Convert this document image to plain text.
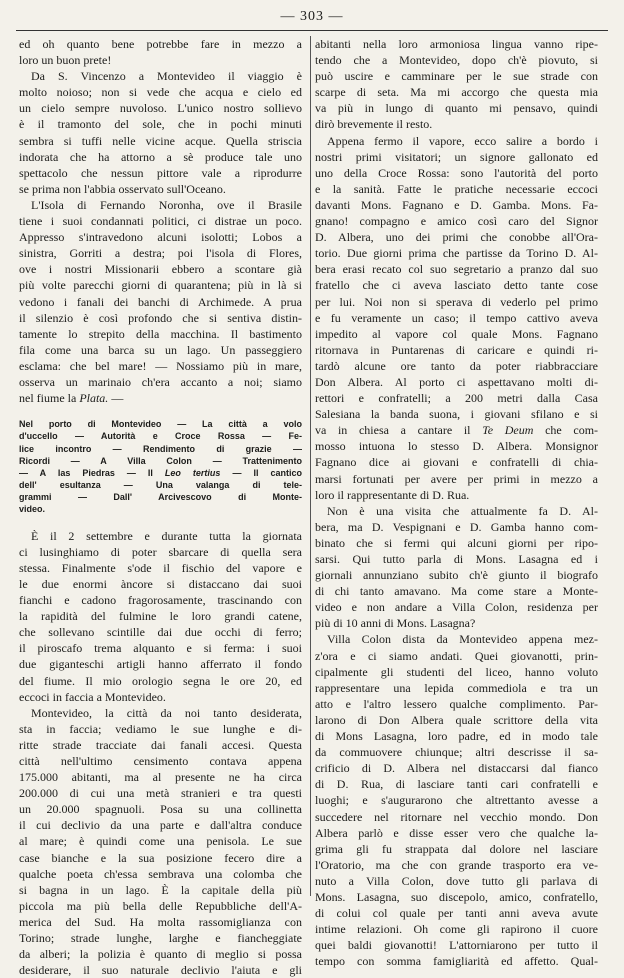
— 303 —
ed oh quanto bene potrebbe fare in mezzo a
loro un buon prete!
Da S. Vincenzo a Montevideo il viaggio è
molto noioso; non si vede che acqua e cielo ed
un cielo sempre nuvoloso. L'unico nostro sollievo
è il tramonto del sole, che in pochi minuti
sembra si tuffi nelle vicine acque. Quella striscia
indorata che ha attorno a sè produce tale uno
spettacolo che nessun pittore vale a riprodurre
se prima non l'abbia osservato sull'Oceano.
L'Isola di Fernando Noronha, ove il Brasile
tiene i suoi condannati politici, ci distrae un poco.
Appresso s'intravedono alcuni isolotti; Lobos a
sinistra, Gorriti a destra; poi l'isola di Flores,
ove i nostri Missionarii ebbero a scontare già
più volte parecchi giorni di quarantena; più in là si
vedono i fanali dei banchi di Archimede. A prua
il silenzio è così profondo che si sentiva distin-
tamente lo strepito della macchina. Il bastimento
fila come una barca su un lago. Un passeggiero
esclama: che bel mare! — Nossiamo più in mare,
osserva un marinaio ch'era accanto a noi; siamo
nel fiume la Plata. —
Nel porto di Montevideo — La città a volo
d'uccello — Autorità e Croce Rossa — Fe-
lice incontro — Rendimento di grazie —
Ricordi — A Villa Colon — Trattenimento
— A las Piedras — Il Leo tertius — Il cantico
dell' esultanza — Una valanga di tele-
grammi — Dall' Arcivescovo di Monte-
video.
È il 2 settembre e durante tutta la giornata
ci lusinghiamo di poter sbarcare di quella sera
stessa. Finalmente s'ode il fischio del vapore e
le due enormi àncore si distaccano dai suoi
fianchi e cadono fragorosamente, trascinando con
la rapidità del fulmine le loro grandi catene,
che sollevano scintille dai due occhi di ferro;
il piroscafo trema alquanto e si ferma: i suoi
due giganteschi artigli hanno afferrato il fondo
del fiume. Il mio orologio segna le ore 20, ed
eccoci in faccia a Montevideo.
Montevideo, la città da noi tanto desiderata,
sta in faccia; vediamo le sue lunghe e di-
ritte strade tracciate dai fanali accesi. Questa
città nell'ultimo censimento contava appena
175.000 abitanti, ma al presente ne ha circa
200.000 di cui una metà stranieri e tra questi
un 20.000 spagnuoli. Posa su una collinetta
il cui declivio da una parte e dall'altra conduce
al mare; è quindi come una penisola. Le sue
case bianche e la sua posizione fecero dire a
qualche poeta ch'essa sembrava una colomba che
si bagna in un lago. È la capitale della più
piccola ma più bella delle Repubbliche dell'A-
merica del Sud. Ha molta rassomiglianza con
Torino; strade lunghe, larghe e fiancheggiate
da alberi; la polizia è quanto di meglio si possa
desiderare, il suo naturale declivio l'aiuta e gli
abitanti nella loro armoniosa lingua vanno ripe-
tendo che a Montevideo, dopo ch'è piovuto, si
può uscire e camminare per le sue strade con
scarpe di seta. Ma mi accorgo che questa mia
va più in lungo di quanto mi pensavo, quindi
dirò brevemente il resto.
Appena fermo il vapore, ecco salire a bordo i
nostri primi visitatori; un signore gallonato ed
uno della Croce Rossa: sono l'autorità del porto
e la sanità. Fatte le pratiche necessarie eccoci
davanti Mons. Fagnano e D. Gamba. Mons. Fa-
gnano! compagno e amico così caro del Signor
D. Albera, uno dei primi che conobbe all'Ora-
torio. Due giorni prima che partisse da Torino D. Al-
bera erasi recato col suo segretario a pranzo dal suo
fratello che ci aveva lasciato detto tante cose
per lui. Noi non si sperava di vederlo pel primo
e fu veramente un caso; il tempo cattivo aveva
impedito al vapore col quale Mons. Fagnano
ritornava in Puntarenas di caricare e quindi ri-
tardò alcune ore tanto da poter riabbracciare
Don Albera. Al porto ci aspettavano molti di-
rettori e confratelli; a 200 metri dalla Casa
Salesiana la banda suona, i giovani sfilano e si
va in chiesa a cantare il Te Deum che com-
mosso intuona lo stesso D. Albera. Monsignor
Fagnano dice ai giovani e confratelli di chia-
marsi fortunati per avere per primi in mezzo a
loro il rappresentante di D. Rua.
Non è una visita che attualmente fa D. Al-
bera, ma D. Vespignani e D. Gamba hanno com-
binato che si fermi qui alcuni giorni per ripo-
sarsi. Qui tutto parla di Mons. Lasagna ed i
giornali annunziano subito ch'è giunto il biografo
di chi tanto amavano. Ma come stare a Monte-
video e non andare a Villa Colon, residenza per
più di 10 anni di Mons. Lasagna?
Villa Colon dista da Montevideo appena mez-
z'ora e ci siamo andati. Quei giovanotti, prin-
cipalmente gli studenti del liceo, hanno voluto
rappresentare una lepida commediola e tra un
atto e l'altro lessero qualche complimento. Par-
larono di Don Albera quale scrittore della vita
di Mons Lasagna, loro padre, ed in modo tale
da commuovere chiunque; altri descrisse il sa-
crificio di D. Albera nel distaccarsi dal fianco
di D. Rua, di lasciare tanti cari confratelli e
luoghi; e s'augurarono che altrettanto avesse a
succedere nel ritornare nel vecchio mondo. Don
Albera parlò e disse esser vero che qualche la-
grima gli fu strappata dal dolore nel lasciare
l'Oratorio, ma che con grande trasporto era ve-
nuto a Villa Colon, dove tutto gli parlava di
Mons. Lasagna, suo discepolo, amico, confratello,
di colui col quale per tanti anni aveva avute
intime relazioni. Oh come gli rapirono il cuore
quei baldi giovanotti! L'attorniarono per tutto il
tempo con somma famigliarità ed affetto. Qual-
